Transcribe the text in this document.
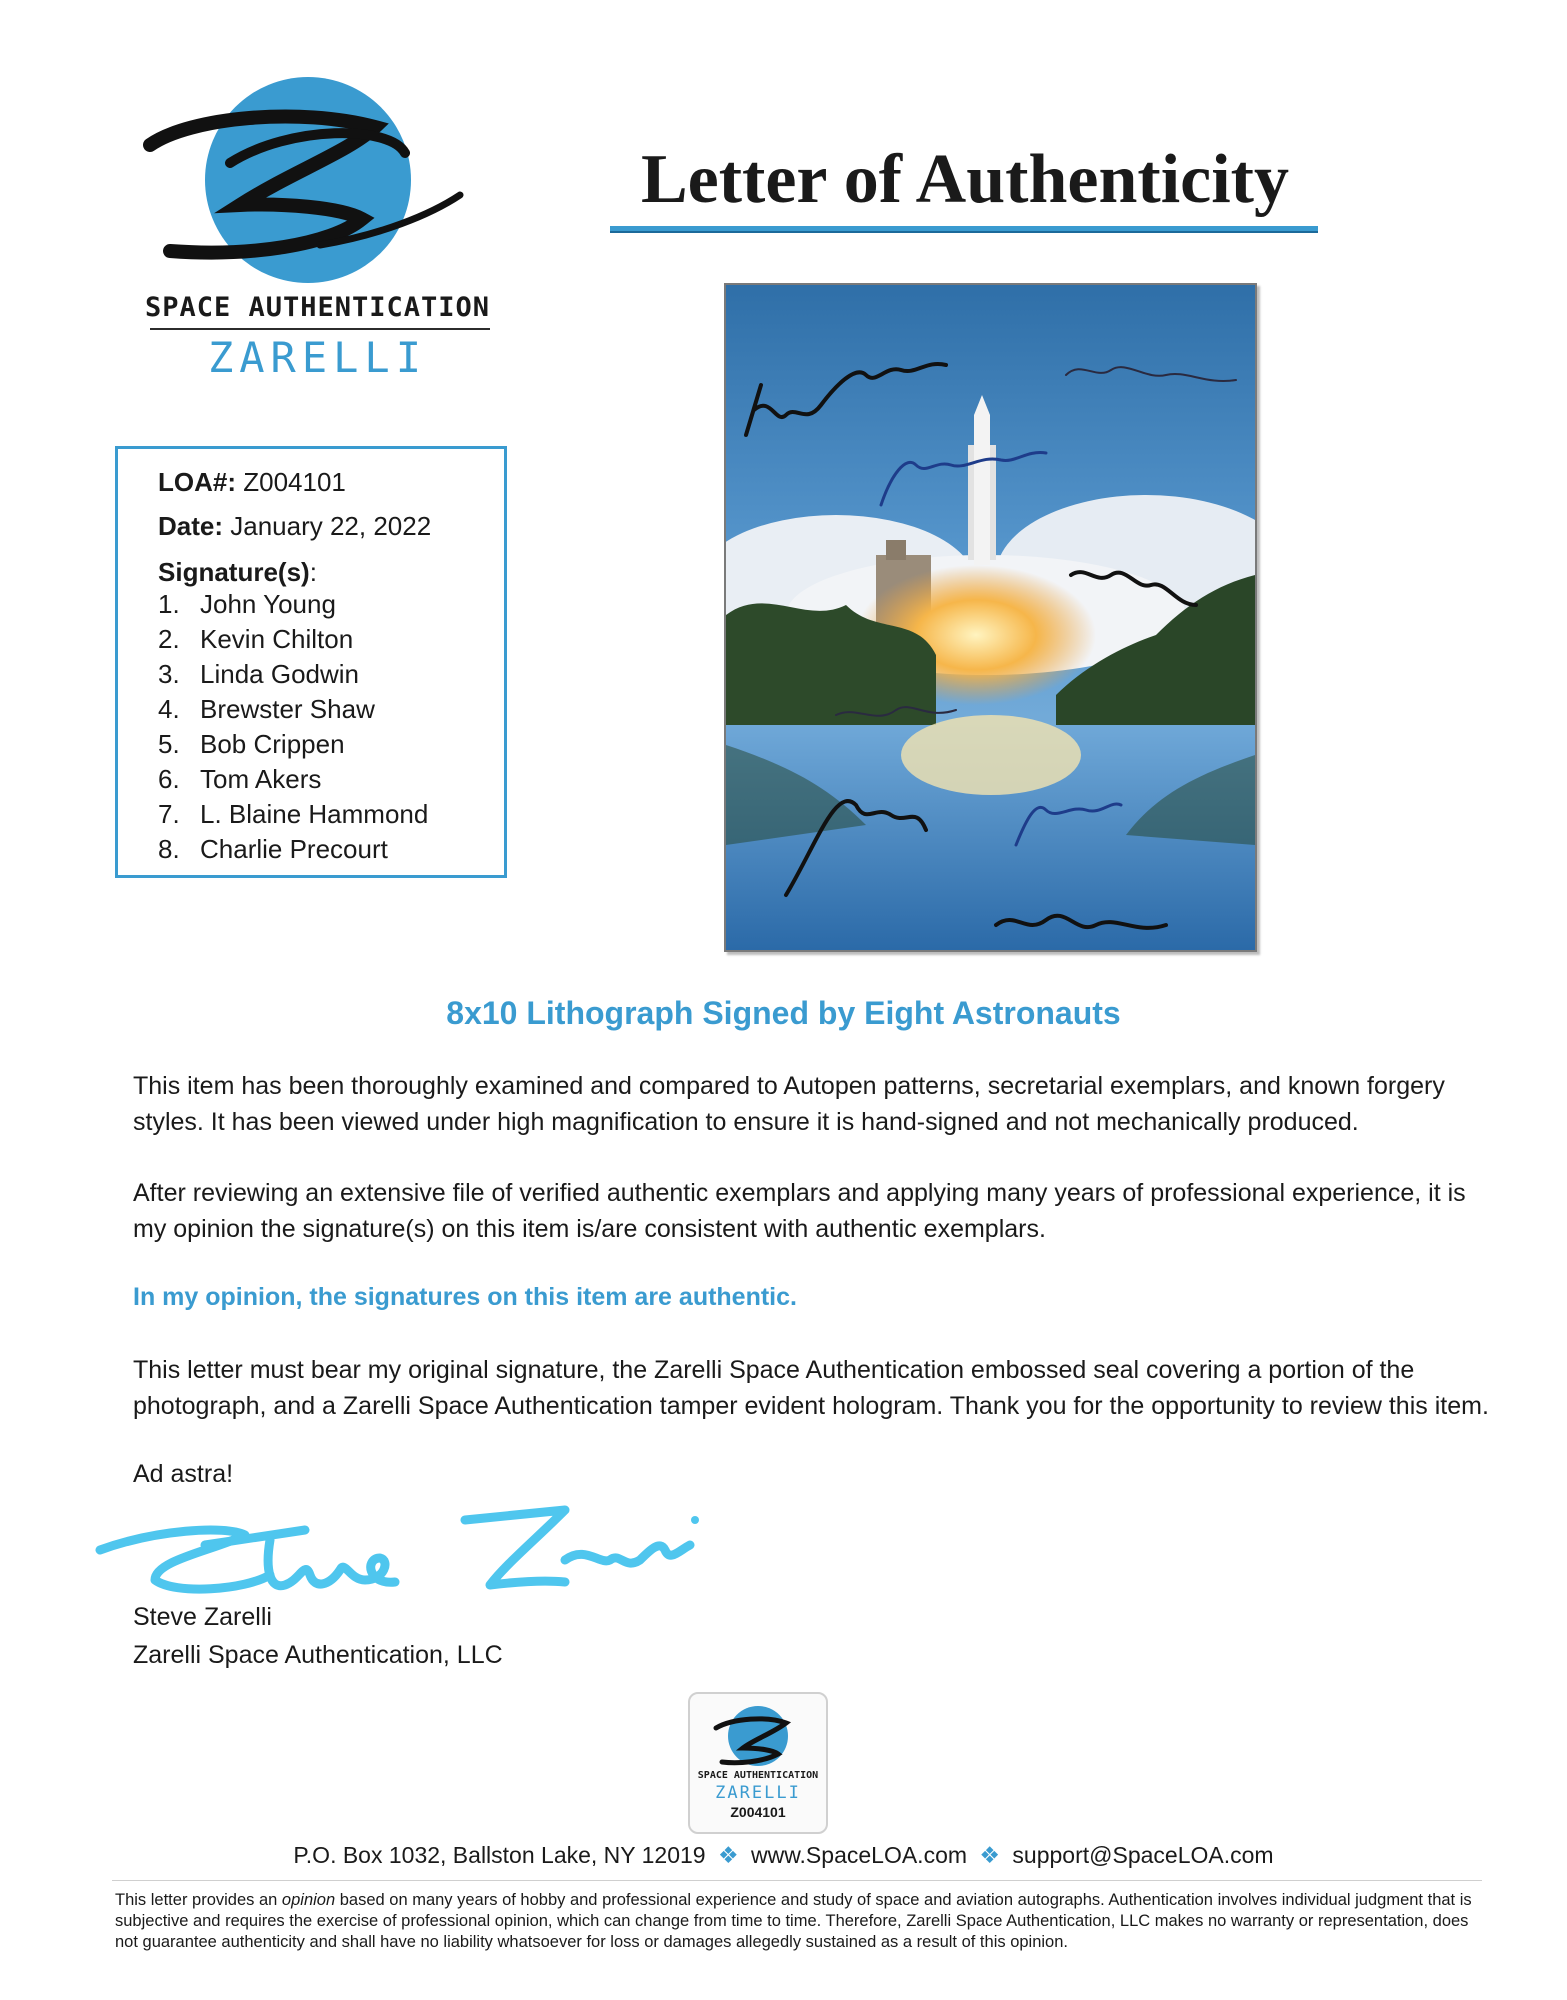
SPACE AUTHENTICATION
ZARELLI
Letter of Authenticity
LOA#: Z004101
Date: January 22, 2022
Signature(s):
1. John Young
2. Kevin Chilton
3. Linda Godwin
4. Brewster Shaw
5. Bob Crippen
6. Tom Akers
7. L. Blaine Hammond
8. Charlie Precourt
8x10 Lithograph Signed by Eight Astronauts
This item has been thoroughly examined and compared to Autopen patterns, secretarial exemplars, and known forgery styles. It has been viewed under high magnification to ensure it is hand-signed and not mechanically produced.
After reviewing an extensive file of verified authentic exemplars and applying many years of professional experience, it is my opinion the signature(s) on this item is/are consistent with authentic exemplars.
In my opinion, the signatures on this item are authentic.
This letter must bear my original signature, the Zarelli Space Authentication embossed seal covering a portion of the photograph, and a Zarelli Space Authentication tamper evident hologram. Thank you for the opportunity to review this item.
Ad astra!
Steve Zarelli
Zarelli Space Authentication, LLC
SPACE AUTHENTICATION
ZARELLI
Z004101
P.O. Box 1032, Ballston Lake, NY 12019 ❖ www.SpaceLOA.com ❖ support@SpaceLOA.com
This letter provides an opinion based on many years of hobby and professional experience and study of space and aviation autographs. Authentication involves individual judgment that is subjective and requires the exercise of professional opinion, which can change from time to time. Therefore, Zarelli Space Authentication, LLC makes no warranty or representation, does not guarantee authenticity and shall have no liability whatsoever for loss or damages allegedly sustained as a result of this opinion.
